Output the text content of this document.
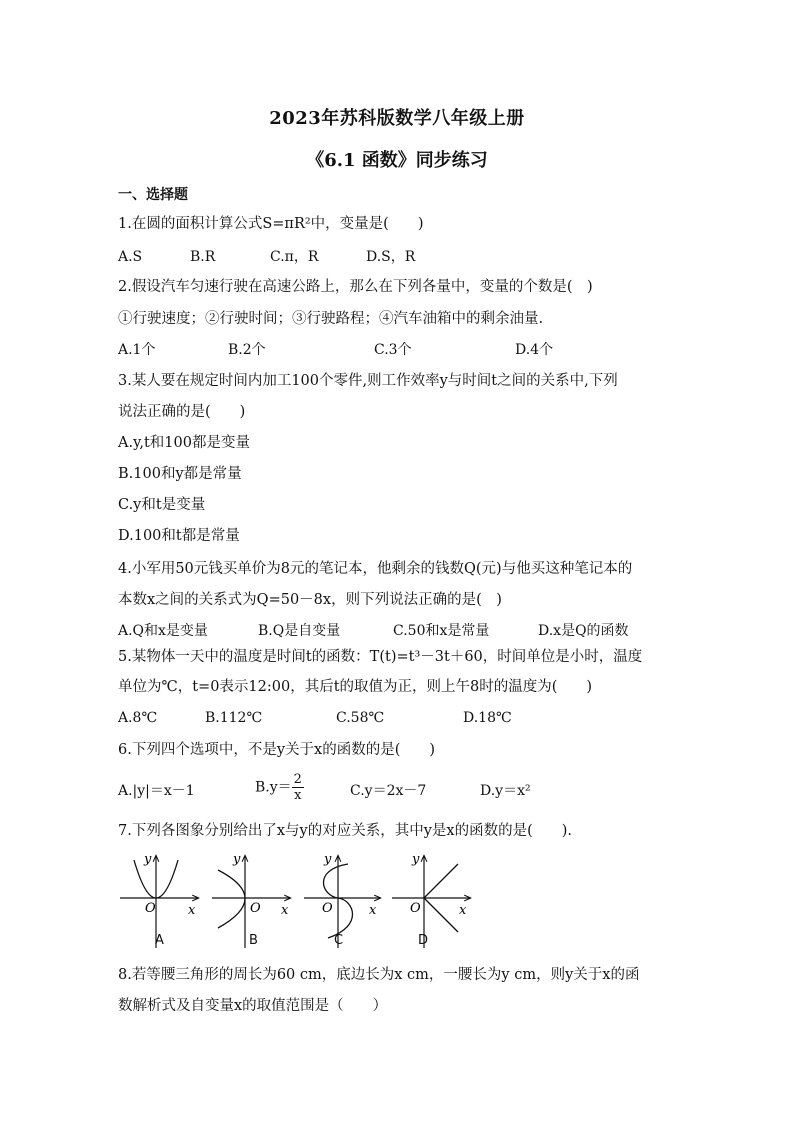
2023年苏科版数学八年级上册
《6.1 函数》同步练习
一、选择题
1.在圆的面积计算公式S=πR²中，变量是(　　)
A.S	B.R	C.π，R	D.S，R
2.假设汽车匀速行驶在高速公路上，那么在下列各量中，变量的个数是(　)
①行驶速度；②行驶时间；③行驶路程；④汽车油箱中的剩余油量.
A.1个	B.2个	C.3个	D.4个
3.某人要在规定时间内加工100个零件,则工作效率y与时间t之间的关系中,下列
说法正确的是(　　)
A.y,t和100都是变量
B.100和y都是常量
C.y和t是变量
D.100和t都是常量
4.小军用50元钱买单价为8元的笔记本，他剩余的钱数Q(元)与他买这种笔记本的
本数x之间的关系式为Q=50－8x，则下列说法正确的是(　)
A.Q和x是变量	B.Q是自变量	C.50和x是常量	D.x是Q的函数
5.某物体一天中的温度是时间t的函数：T(t)=t³－3t＋60，时间单位是小时，温度
单位为℃，t=0表示12:00，其后t的取值为正，则上午8时的温度为(　　)
A.8℃	B.112℃	C.58℃	D.18℃
6.下列四个选项中，不是y关于x的函数的是(　　)
A.|y|＝x－1	$B.y= \frac{2}{x}$	C.y＝2x－7	D.y＝x²
7.下列各图象分别给出了x与y的对应关系，其中y是x的函数的是(　　).
y
O x
y
O x
y
O	x
y
O	x
A	B	C	D
8.若等腰三角形的周长为60 cm，底边长为x cm，一腰长为y cm，则y关于x的函
数解析式及自变量x的取值范围是（　　）
